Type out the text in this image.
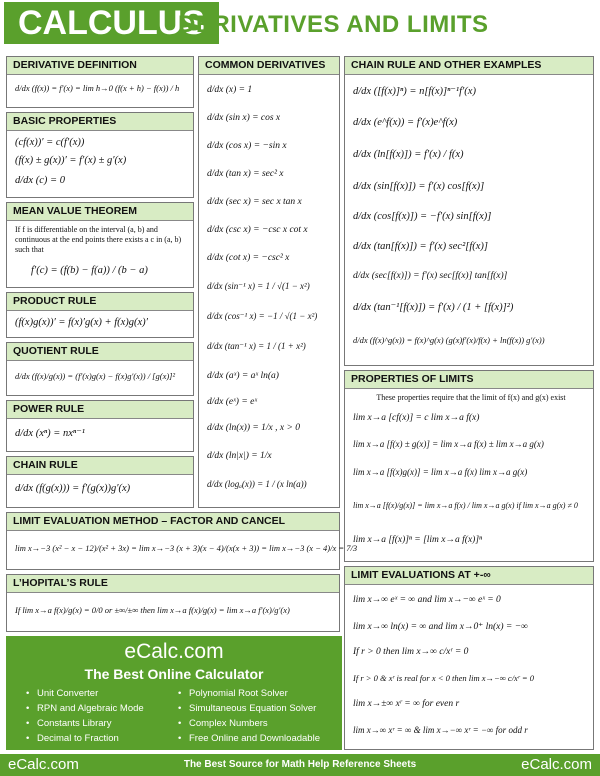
CALCULUS
DERIVATIVES AND LIMITS
DERIVATIVE DEFINITION
d/dx (f(x)) = f′(x) = lim h→0 (f(x + h) − f(x)) / h
BASIC PROPERTIES
(cf(x))′ = c(f′(x))
(f(x) ± g(x))′ = f′(x) ± g′(x)
d/dx (c) = 0
MEAN VALUE THEOREM
If f is differentiable on the interval (a, b) and continuous at the end points there exists a c in (a, b) such that
f′(c) = (f(b) − f(a)) / (b − a)
PRODUCT RULE
(f(x)g(x))′ = f(x)′g(x) + f(x)g(x)′
QUOTIENT RULE
d/dx (f(x)/g(x)) = (f′(x)g(x) − f(x)g′(x)) / [g(x)]²
POWER RULE
d/dx (xⁿ) = nxⁿ⁻¹
CHAIN RULE
d/dx (f(g(x))) = f′(g(x))g′(x)
COMMON DERIVATIVES
d/dx (x) = 1
d/dx (sin x) = cos x
d/dx (cos x) = −sin x
d/dx (tan x) = sec² x
d/dx (sec x) = sec x tan x
d/dx (csc x) = −csc x cot x
d/dx (cot x) = −csc² x
d/dx (sin⁻¹ x) = 1 / √(1 − x²)
d/dx (cos⁻¹ x) = −1 / √(1 − x²)
d/dx (tan⁻¹ x) = 1 / (1 + x²)
d/dx (aˣ) = aˣ ln(a)
d/dx (eˣ) = eˣ
d/dx (ln(x)) = 1/x , x > 0
d/dx (ln|x|) = 1/x
d/dx (logₐ(x)) = 1 / (x ln(a))
CHAIN RULE AND OTHER EXAMPLES
d/dx ([f(x)]ⁿ) = n[f(x)]ⁿ⁻¹f′(x)
d/dx (e^f(x)) = f′(x)e^f(x)
d/dx (ln[f(x)]) = f′(x) / f(x)
d/dx (sin[f(x)]) = f′(x) cos[f(x)]
d/dx (cos[f(x)]) = −f′(x) sin[f(x)]
d/dx (tan[f(x)]) = f′(x) sec²[f(x)]
d/dx (sec[f(x)]) = f′(x) sec[f(x)] tan[f(x)]
d/dx (tan⁻¹[f(x)]) = f′(x) / (1 + [f(x)]²)
d/dx (f(x)^g(x)) = f(x)^g(x) (g(x)f′(x)/f(x) + ln(f(x)) g′(x))
PROPERTIES OF LIMITS
These properties require that the limit of f(x) and g(x) exist
lim x→a [cf(x)] = c lim x→a f(x)
lim x→a [f(x) ± g(x)] = lim x→a f(x) ± lim x→a g(x)
lim x→a [f(x)g(x)] = lim x→a f(x) lim x→a g(x)
lim x→a [f(x)/g(x)] = lim x→a f(x) / lim x→a g(x) if lim x→a g(x) ≠ 0
lim x→a [f(x)]ⁿ = [lim x→a f(x)]ⁿ
LIMIT EVALUATION METHOD – FACTOR AND CANCEL
lim x→−3 (x² − x − 12)/(x² + 3x) = lim x→−3 (x + 3)(x − 4)/(x(x + 3)) = lim x→−3 (x − 4)/x = 7/3
L’HOPITAL’S RULE
If lim x→a f(x)/g(x) = 0/0 or ±∞/±∞ then lim x→a f(x)/g(x) = lim x→a f′(x)/g′(x)
LIMIT EVALUATIONS AT +-∞
lim x→∞ eˣ = ∞ and lim x→−∞ eˣ = 0
lim x→∞ ln(x) = ∞ and lim x→0⁺ ln(x) = −∞
If r > 0 then lim x→∞ c/xʳ = 0
If r > 0 & xʳ is real for x < 0 then lim x→−∞ c/xʳ = 0
lim x→±∞ xʳ = ∞ for even r
lim x→∞ xʳ = ∞ & lim x→−∞ xʳ = −∞ for odd r
eCalc.com
The Best Online Calculator
• Unit Converter
• RPN and Algebraic Mode
• Constants Library
• Decimal to Fraction
• Polynomial Root Solver
• Simultaneous Equation Solver
• Complex Numbers
• Free Online and Downloadable
The Best Source for Math Help Reference Sheets
eCalc.com	eCalc.com
